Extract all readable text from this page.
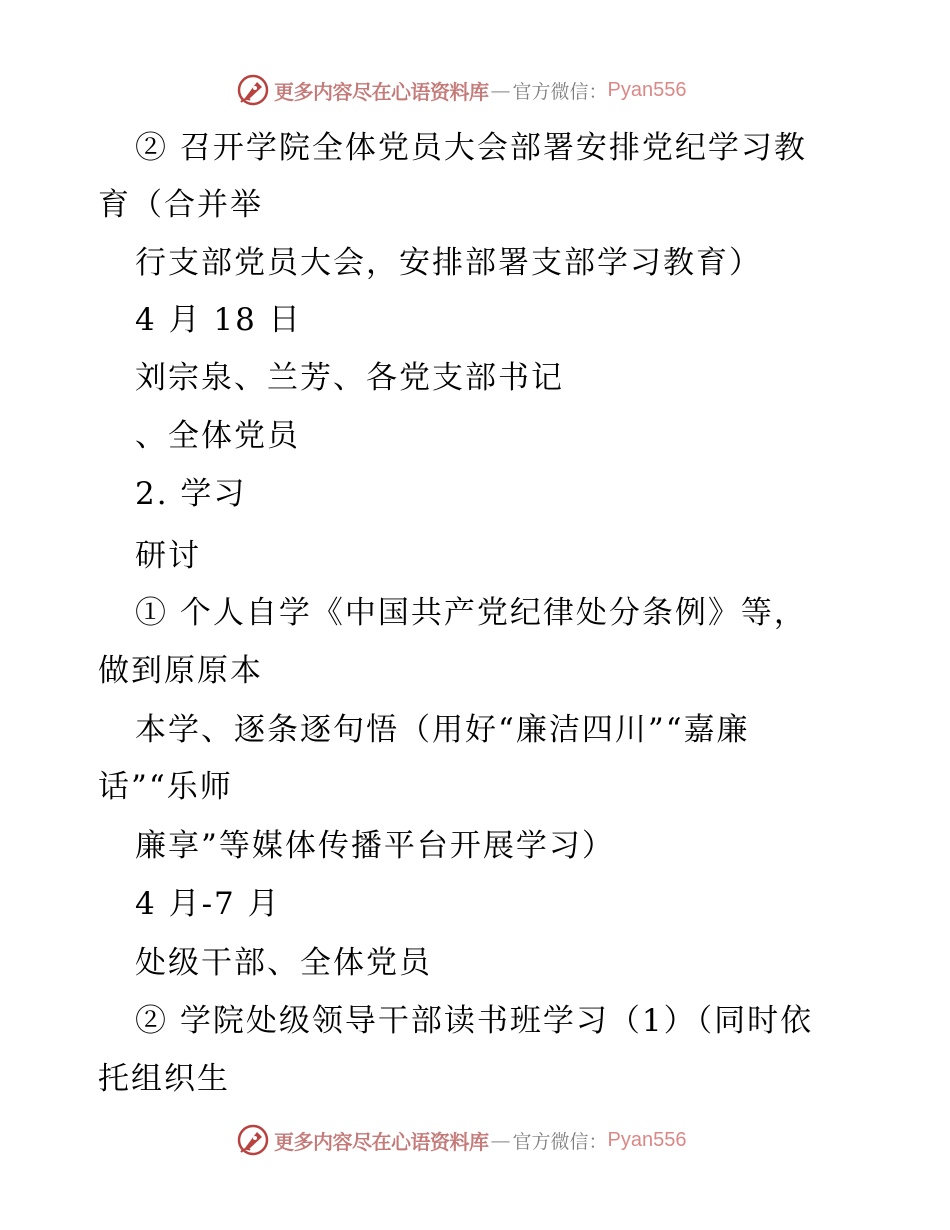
更多内容尽在心语资料库 — 官方微信： Pyan556
② 召开学院全体党员大会部署安排党纪学习教
育（合并举
行支部党员大会，安排部署支部学习教育）
4 月 18 日
刘宗泉、兰芳、各党支部书记
、全体党员
2. 学习
研讨
① 个人自学《中国共产党纪律处分条例》等，
做到原原本
本学、逐条逐句悟（用好“廉洁四川”“嘉廉
话”“乐师
廉享”等媒体传播平台开展学习）
4 月-7 月
处级干部、全体党员
② 学院处级领导干部读书班学习（1）（同时依
托组织生
更多内容尽在心语资料库 — 官方微信： Pyan556
